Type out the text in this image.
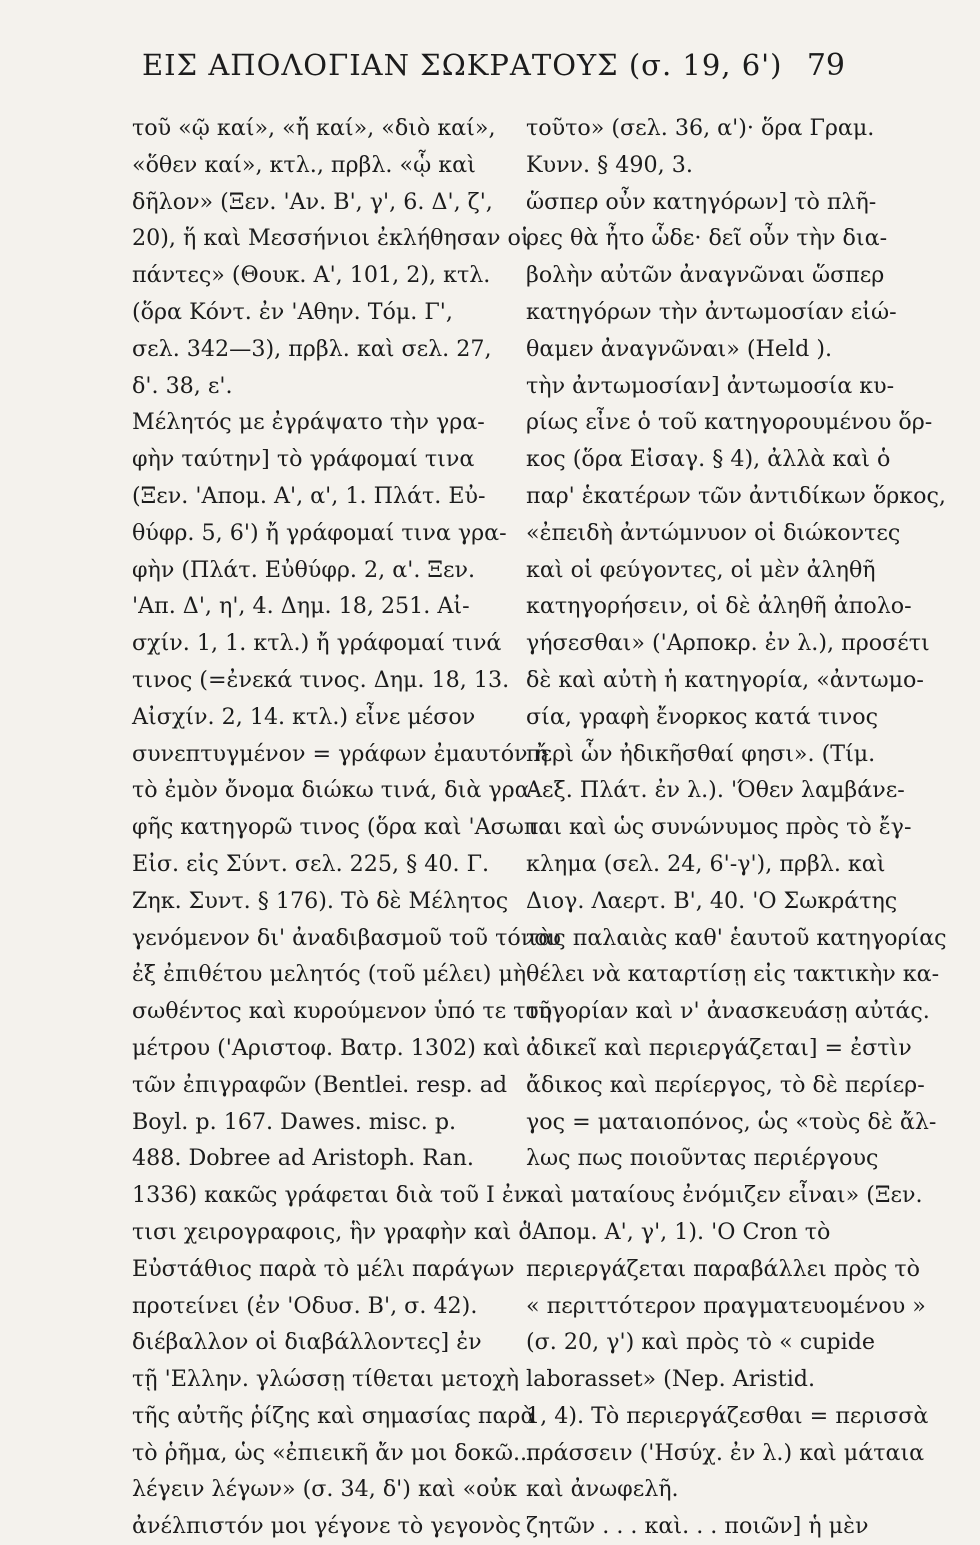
ΕΙΣ ΑΠΟΛΟΓΙΑΝ ΣΩΚΡΑΤΟΥΣ (σ. 19, 6') 79
τοῦ «ῷ καί», «ἤ καί», «διὸ καί»,
«ὅθεν καί», κτλ., πρβλ. «ᾧ καὶ
δῆλον» (Ξεν. 'Αν. Β', γ', 6. Δ', ζ',
20), ἥ καὶ Μεσσήνιοι ἐκλήθησαν οἱ
πάντες» (Θουκ. Α', 101, 2), κτλ.
(ὅρα Κόντ. ἐν 'Αθην. Τόμ. Γ',
σελ. 342—3), πρβλ. καὶ σελ. 27,
δ'. 38, ε'.
Μέλητός με ἐγράψατο τὴν γρα-
φὴν ταύτην] τὸ γράφομαί τινα
(Ξεν. 'Απομ. Α', α', 1. Πλάτ. Εὐ-
θύφρ. 5, 6') ἤ γράφομαί τινα γρα-
φὴν (Πλάτ. Εὐθύφρ. 2, α'. Ξεν.
'Απ. Δ', η', 4. Δημ. 18, 251. Αἰ-
σχίν. 1, 1. κτλ.) ἤ γράφομαί τινά
τινος (=ἐνεκά τινος. Δημ. 18, 13.
Αἰσχίν. 2, 14. κτλ.) εἶνε μέσον
συνεπτυγμένον = γράφων ἐμαυτόν ἤ
τὸ ἐμὸν ὄνομα διώκω τινά, διὰ γρα-
φῆς κατηγορῶ τινος (ὅρα καὶ 'Ασωπ.
Εἰσ. εἰς Σύντ. σελ. 225, § 40. Γ.
Ζηκ. Συντ. § 176). Τὸ δὲ Μέλητος
γενόμενον δι' ἀναδιβασμοῦ τοῦ τόνου
ἐξ ἐπιθέτου μελητός (τοῦ μέλει) μὴ
σωθέντος καὶ κυρούμενον ὑπό τε τοῦ
μέτρου ('Αριστοφ. Βατρ. 1302) καὶ
τῶν ἐπιγραφῶν (Bentlei. resp. ad
Boyl. p. 167. Dawes. misc. p.
488. Dobree ad Aristoph. Ran.
1336) κακῶς γράφεται διὰ τοῦ Ι ἐν
τισι χειρογραφοις, ἣν γραφὴν καὶ ὁ
Εὐστάθιος παρὰ τὸ μέλι παράγων
προτείνει (ἐν 'Οδυσ. Β', σ. 42).
διέβαλλον οἱ διαβάλλοντες] ἐν
τῇ 'Ελλην. γλώσσῃ τίθεται μετοχὴ
τῆς αὐτῆς ῥίζης καὶ σημασίας παρὰ
τὸ ῥῆμα, ὡς «ἐπιεικῆ ἄν μοι δοκῶ...
λέγειν λέγων» (σ. 34, δ') καὶ «οὐκ
ἀνέλπιστόν μοι γέγονε τὸ γεγονὸς
τοῦτο» (σελ. 36, α')· ὅρα Γραμ.
Κυνν. § 490, 3.
ὥσπερ οὖν κατηγόρων] τὸ πλῆ-
ρες θὰ ἦτο ὧδε· δεῖ οὖν τὴν δια-
βολὴν αὐτῶν ἀναγνῶναι ὥσπερ
κατηγόρων τὴν ἀντωμοσίαν εἰώ-
θαμεν ἀναγνῶναι» (Held ).
τὴν ἀντωμοσίαν] ἀντωμοσία κυ-
ρίως εἶνε ὁ τοῦ κατηγορουμένου ὅρ-
κος (ὅρα Εἰσαγ. § 4), ἀλλὰ καὶ ὁ
παρ' ἑκατέρων τῶν ἀντιδίκων ὅρκος,
«ἐπειδὴ ἀντώμνυον οἱ διώκοντες
καὶ οἱ φεύγοντες, οἱ μὲν ἀληθῆ
κατηγορήσειν, οἱ δὲ ἀληθῆ ἀπολο-
γήσεσθαι» ('Αρποκρ. ἐν λ.), προσέτι
δὲ καὶ αὐτὴ ἡ κατηγορία, «ἀντωμο-
σία, γραφὴ ἔνορκος κατά τινος
περὶ ὧν ἠδικῆσθαί φησι». (Τίμ.
Λεξ. Πλάτ. ἐν λ.). 'Όθεν λαμβάνε-
ται καὶ ὡς συνώνυμος πρὸς τὸ ἔγ-
κλημα (σελ. 24, 6'-γ'), πρβλ. καὶ
Διογ. Λαερτ. Β', 40. 'Ο Σωκράτης
τὰς παλαιὰς καθ' ἑαυτοῦ κατηγορίας
θέλει νὰ καταρτίσῃ εἰς τακτικὴν κα-
τηγορίαν καὶ ν' ἀνασκευάσῃ αὐτάς.
ἀδικεῖ καὶ περιεργάζεται] = ἐστὶν
ἄδικος καὶ περίεργος, τὸ δὲ περίερ-
γος = ματαιοπόνος, ὡς «τοὺς δὲ ἄλ-
λως πως ποιοῦντας περιέργους
καὶ ματαίους ἐνόμιζεν εἶναι» (Ξεν.
'Απομ. Α', γ', 1). 'Ο Cron τὸ
περιεργάζεται παραβάλλει πρὸς τὸ
« περιττότερον πραγματευομένου »
(σ. 20, γ') καὶ πρὸς τὸ « cupide
laborasset» (Nep. Aristid.
1, 4). Τὸ περιεργάζεσθαι = περισσὰ
πράσσειν ('Ησύχ. ἐν λ.) καὶ μάταια
καὶ ἀνωφελῆ.
ζητῶν . . . καὶ. . . ποιῶν] ἡ μὲν
